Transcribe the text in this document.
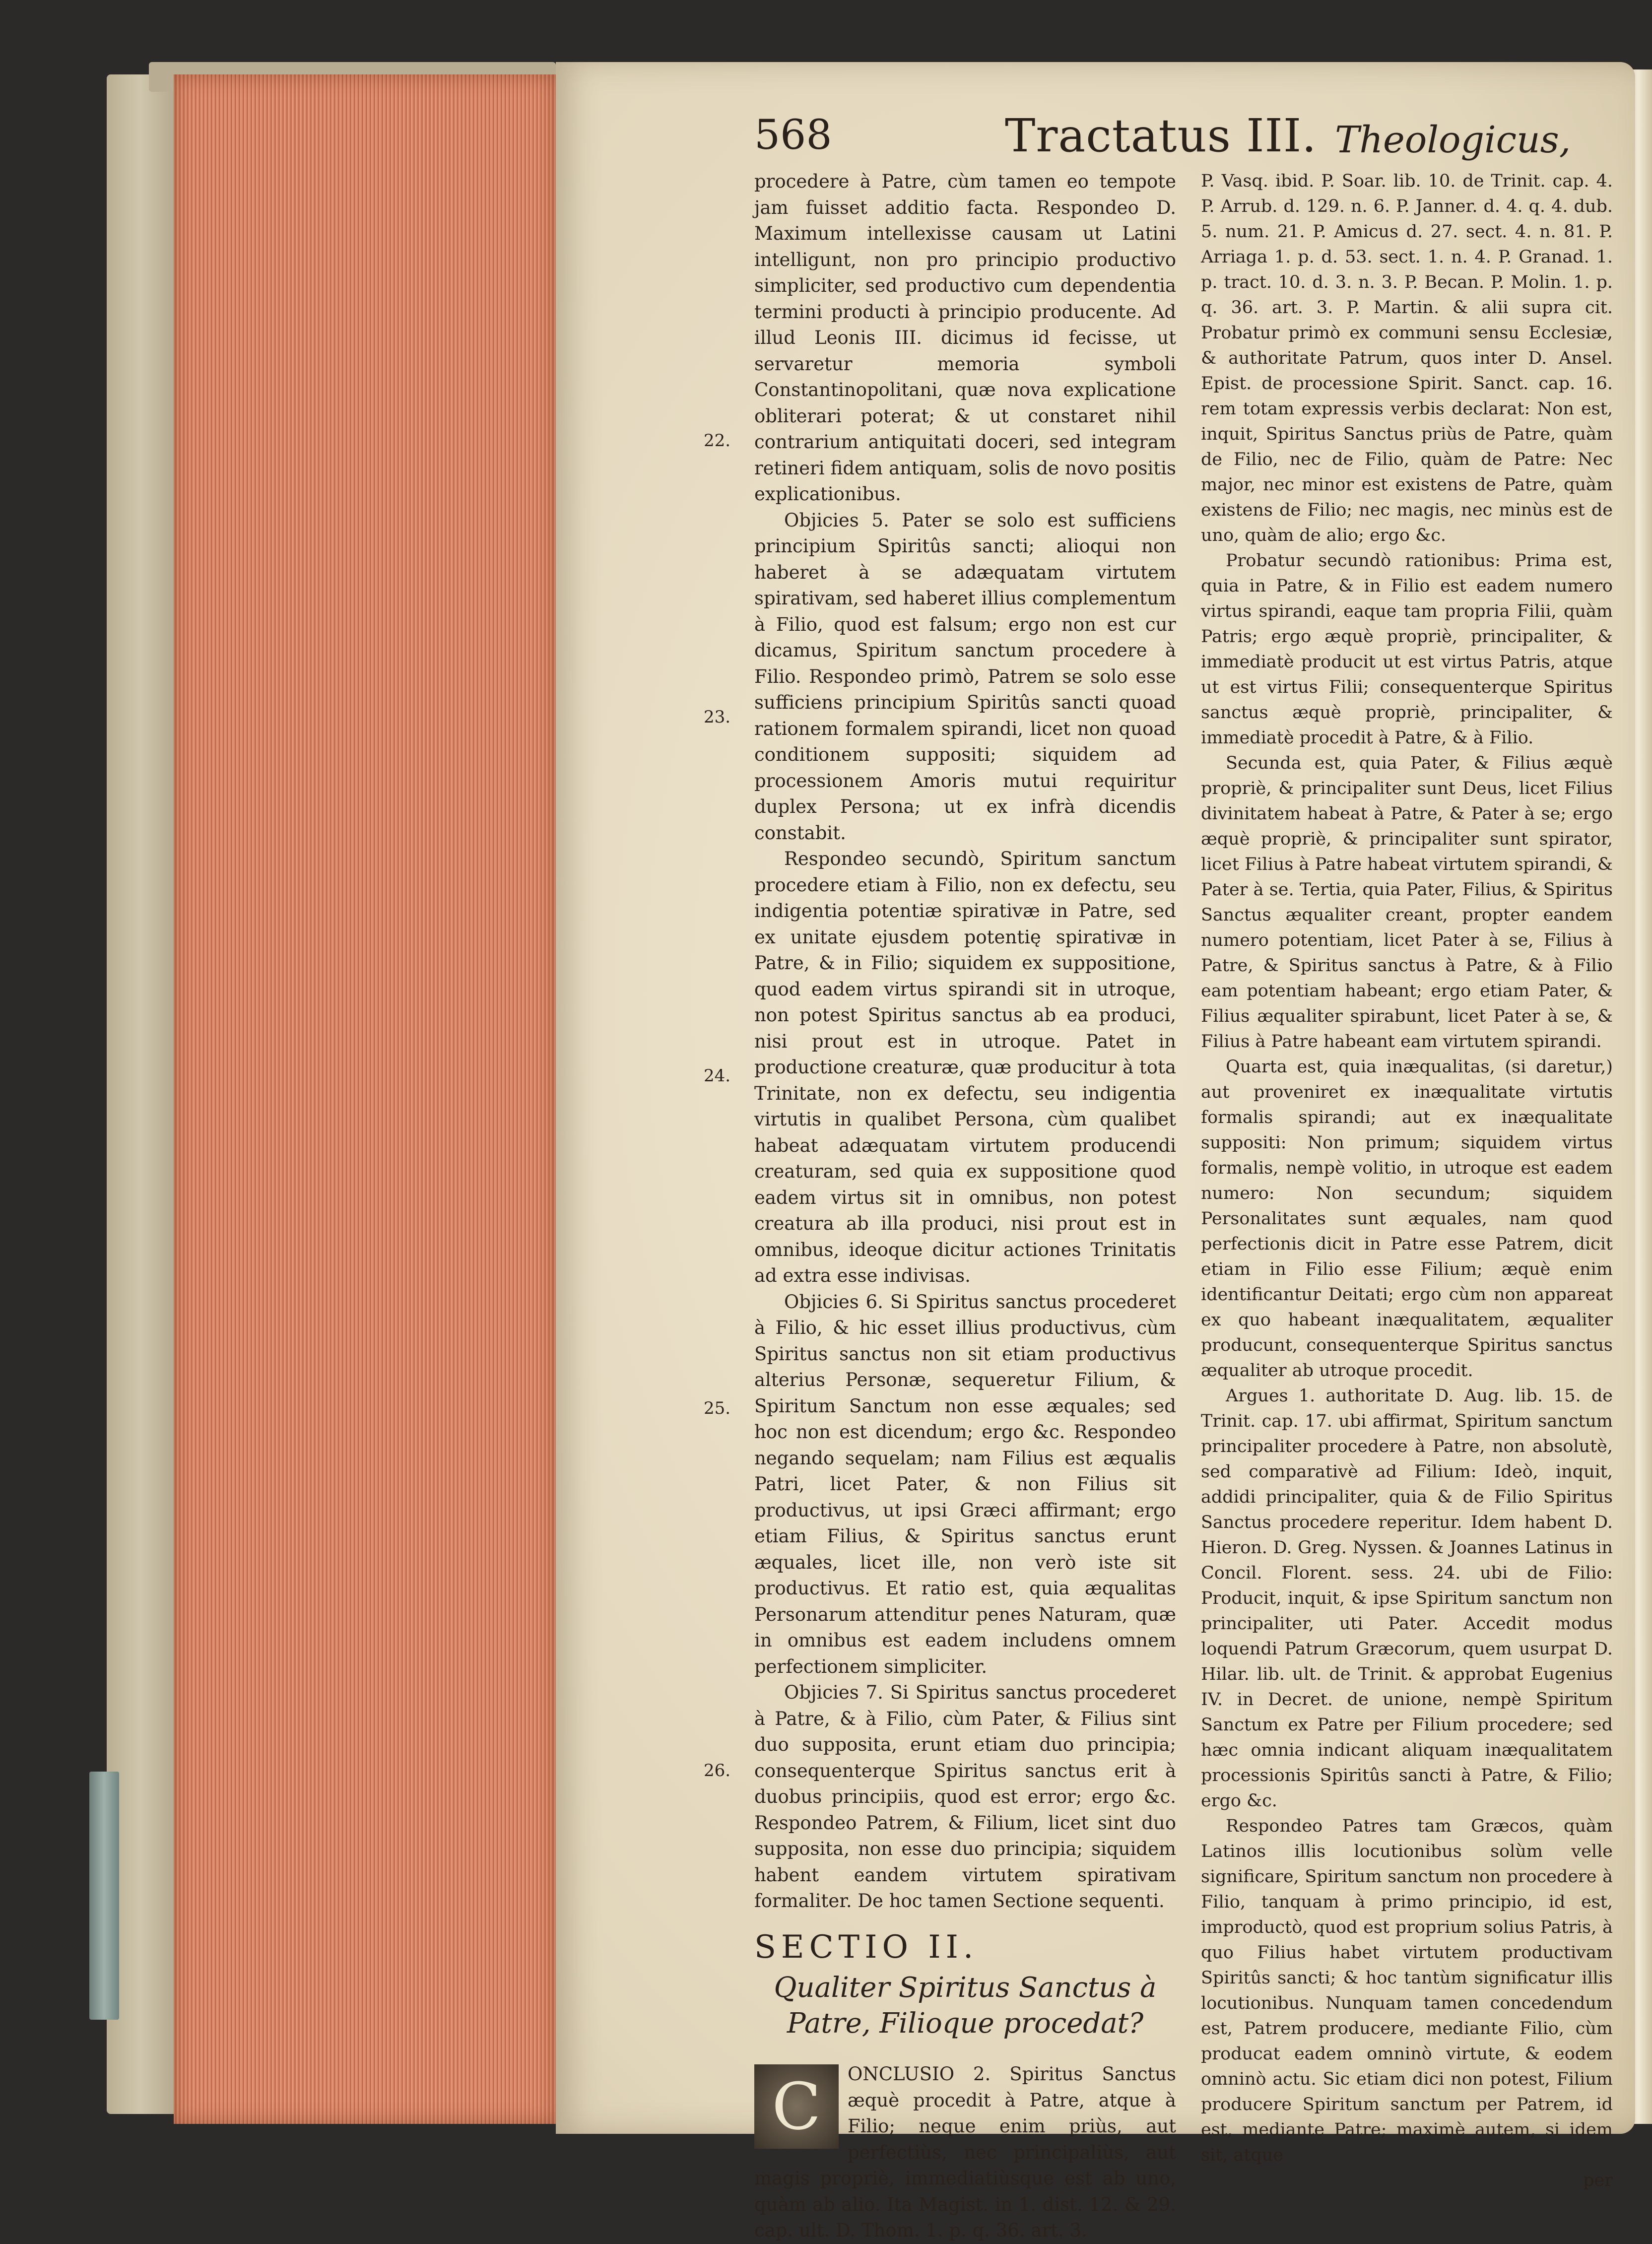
568	Tractatus III. Theologicus,
22.
23.
24.
25.
26.

procedere à Patre, cùm tamen eo tempote jam fuisset additio facta. Respondeo D. Maximum intellexisse causam ut Latini intelligunt, non pro principio productivo simpliciter, sed productivo cum dependentia termini producti à principio producente. Ad illud Leonis III. dicimus id fecisse, ut servaretur memoria symboli Constantinopolitani, quæ nova explicatione obliterari poterat; & ut constaret nihil contrarium antiquitati doceri, sed integram retineri fidem antiquam, solis de novo positis explicationibus.

Objicies 5. Pater se solo est sufficiens principium Spiritûs sancti; alioqui non haberet à se adæquatam virtutem spirativam, sed haberet illius complementum à Filio, quod est falsum; ergo non est cur dicamus, Spiritum sanctum procedere à Filio. Respondeo primò, Patrem se solo esse sufficiens principium Spiritûs sancti quoad rationem formalem spirandi, licet non quoad conditionem suppositi; siquidem ad processionem Amoris mutui requiritur duplex Persona; ut ex infrà dicendis constabit.

Respondeo secundò, Spiritum sanctum procedere etiam à Filio, non ex defectu, seu indigentia potentiæ spirativæ in Patre, sed ex unitate ejusdem potentię spirativæ in Patre, & in Filio; siquidem ex suppositione, quod eadem virtus spirandi sit in utroque, non potest Spiritus sanctus ab ea produci, nisi prout est in utroque. Patet in productione creaturæ, quæ producitur à tota Trinitate, non ex defectu, seu indigentia virtutis in qualibet Persona, cùm qualibet habeat adæquatam virtutem producendi creaturam, sed quia ex suppositione quod eadem virtus sit in omnibus, non potest creatura ab illa produci, nisi prout est in omnibus, ideoque dicitur actiones Trinitatis ad extra esse indivisas.

Objicies 6. Si Spiritus sanctus procederet à Filio, & hic esset illius productivus, cùm Spiritus sanctus non sit etiam productivus alterius Personæ, sequeretur Filium, & Spiritum Sanctum non esse æquales; sed hoc non est dicendum; ergo &c. Respondeo negando sequelam; nam Filius est æqualis Patri, licet Pater, & non Filius sit productivus, ut ipsi Græci affirmant; ergo etiam Filius, & Spiritus sanctus erunt æquales, licet ille, non verò iste sit productivus. Et ratio est, quia æqualitas Personarum attenditur penes Naturam, quæ in omnibus est eadem includens omnem perfectionem simpliciter.

Objicies 7. Si Spiritus sanctus procederet à Patre, & à Filio, cùm Pater, & Filius sint duo supposita, erunt etiam duo principia; consequenterque Spiritus sanctus erit à duobus principiis, quod est error; ergo &c. Respondeo Patrem, & Filium, licet sint duo supposita, non esse duo principia; siquidem habent eandem virtutem spirativam formaliter. De hoc tamen Sectione sequenti.

SECTIO II.

Qualiter Spiritus Sanctus à Patre, Filioque procedat?

C	ONCLUSIO 2. Spiritus Sanctus æquè procedit à Patre, atque à Filio; neque enim priùs, aut perfectiùs, nec principaliùs, aut magis propriè, immediatiùsque est ab uno, quàm ab alio. Ita Magist. in 1. dist. 12. & 29. cap. ult. D. Thom. 1. p. q. 36. art. 3.

P. Vasq. ibid. P. Soar. lib. 10. de Trinit. cap. 4. P. Arrub. d. 129. n. 6. P. Janner. d. 4. q. 4. dub. 5. num. 21. P. Amicus d. 27. sect. 4. n. 81. P. Arriaga 1. p. d. 53. sect. 1. n. 4. P. Granad. 1. p. tract. 10. d. 3. n. 3. P. Becan. P. Molin. 1. p. q. 36. art. 3. P. Martin. & alii supra cit. Probatur primò ex communi sensu Ecclesiæ, & authoritate Patrum, quos inter D. Ansel. Epist. de processione Spirit. Sanct. cap. 16. rem totam expressis verbis declarat: Non est, inquit, Spiritus Sanctus priùs de Patre, quàm de Filio, nec de Filio, quàm de Patre: Nec major, nec minor est existens de Patre, quàm existens de Filio; nec magis, nec minùs est de uno, quàm de alio; ergo &c.

Probatur secundò rationibus: Prima est, quia in Patre, & in Filio est eadem numero virtus spirandi, eaque tam propria Filii, quàm Patris; ergo æquè propriè, principaliter, & immediatè producit ut est virtus Patris, atque ut est virtus Filii; consequenterque Spiritus sanctus æquè propriè, principaliter, & immediatè procedit à Patre, & à Filio.

Secunda est, quia Pater, & Filius æquè propriè, & principaliter sunt Deus, licet Filius divinitatem habeat à Patre, & Pater à se; ergo æquè propriè, & principaliter sunt spirator, licet Filius à Patre habeat virtutem spirandi, & Pater à se. Tertia, quia Pater, Filius, & Spiritus Sanctus æqualiter creant, propter eandem numero potentiam, licet Pater à se, Filius à Patre, & Spiritus sanctus à Patre, & à Filio eam potentiam habeant; ergo etiam Pater, & Filius æqualiter spirabunt, licet Pater à se, & Filius à Patre habeant eam virtutem spirandi.

Quarta est, quia inæqualitas, (si daretur,) aut proveniret ex inæqualitate virtutis formalis spirandi; aut ex inæqualitate suppositi: Non primum; siquidem virtus formalis, nempè volitio, in utroque est eadem numero: Non secundum; siquidem Personalitates sunt æquales, nam quod perfectionis dicit in Patre esse Patrem, dicit etiam in Filio esse Filium; æquè enim identificantur Deitati; ergo cùm non appareat ex quo habeant inæqualitatem, æqualiter producunt, consequenterque Spiritus sanctus æqualiter ab utroque procedit.

Argues 1. authoritate D. Aug. lib. 15. de Trinit. cap. 17. ubi affirmat, Spiritum sanctum principaliter procedere à Patre, non absolutè, sed comparativè ad Filium: Ideò, inquit, addidi principaliter, quia & de Filio Spiritus Sanctus procedere reperitur. Idem habent D. Hieron. D. Greg. Nyssen. & Joannes Latinus in Concil. Florent. sess. 24. ubi de Filio: Producit, inquit, & ipse Spiritum sanctum non principaliter, uti Pater. Accedit modus loquendi Patrum Græcorum, quem usurpat D. Hilar. lib. ult. de Trinit. & approbat Eugenius IV. in Decret. de unione, nempè Spiritum Sanctum ex Patre per Filium procedere; sed hæc omnia indicant aliquam inæqualitatem processionis Spiritûs sancti à Patre, & Filio; ergo &c.

Respondeo Patres tam Græcos, quàm Latinos illis locutionibus solùm velle significare, Spiritum sanctum non procedere à Filio, tanquam à primo principio, id est, improductò, quod est proprium solius Patris, à quo Filius habet virtutem productivam Spiritûs sancti; & hoc tantùm significatur illis locutionibus. Nunquam tamen concedendum est, Patrem producere, mediante Filio, cùm producat eadem omninò virtute, & eodem omninò actu. Sic etiam dici non potest, Filium producere Spiritum sanctum per Patrem, id est, mediante Patre; maximè autem, si idem sit, atque

per
